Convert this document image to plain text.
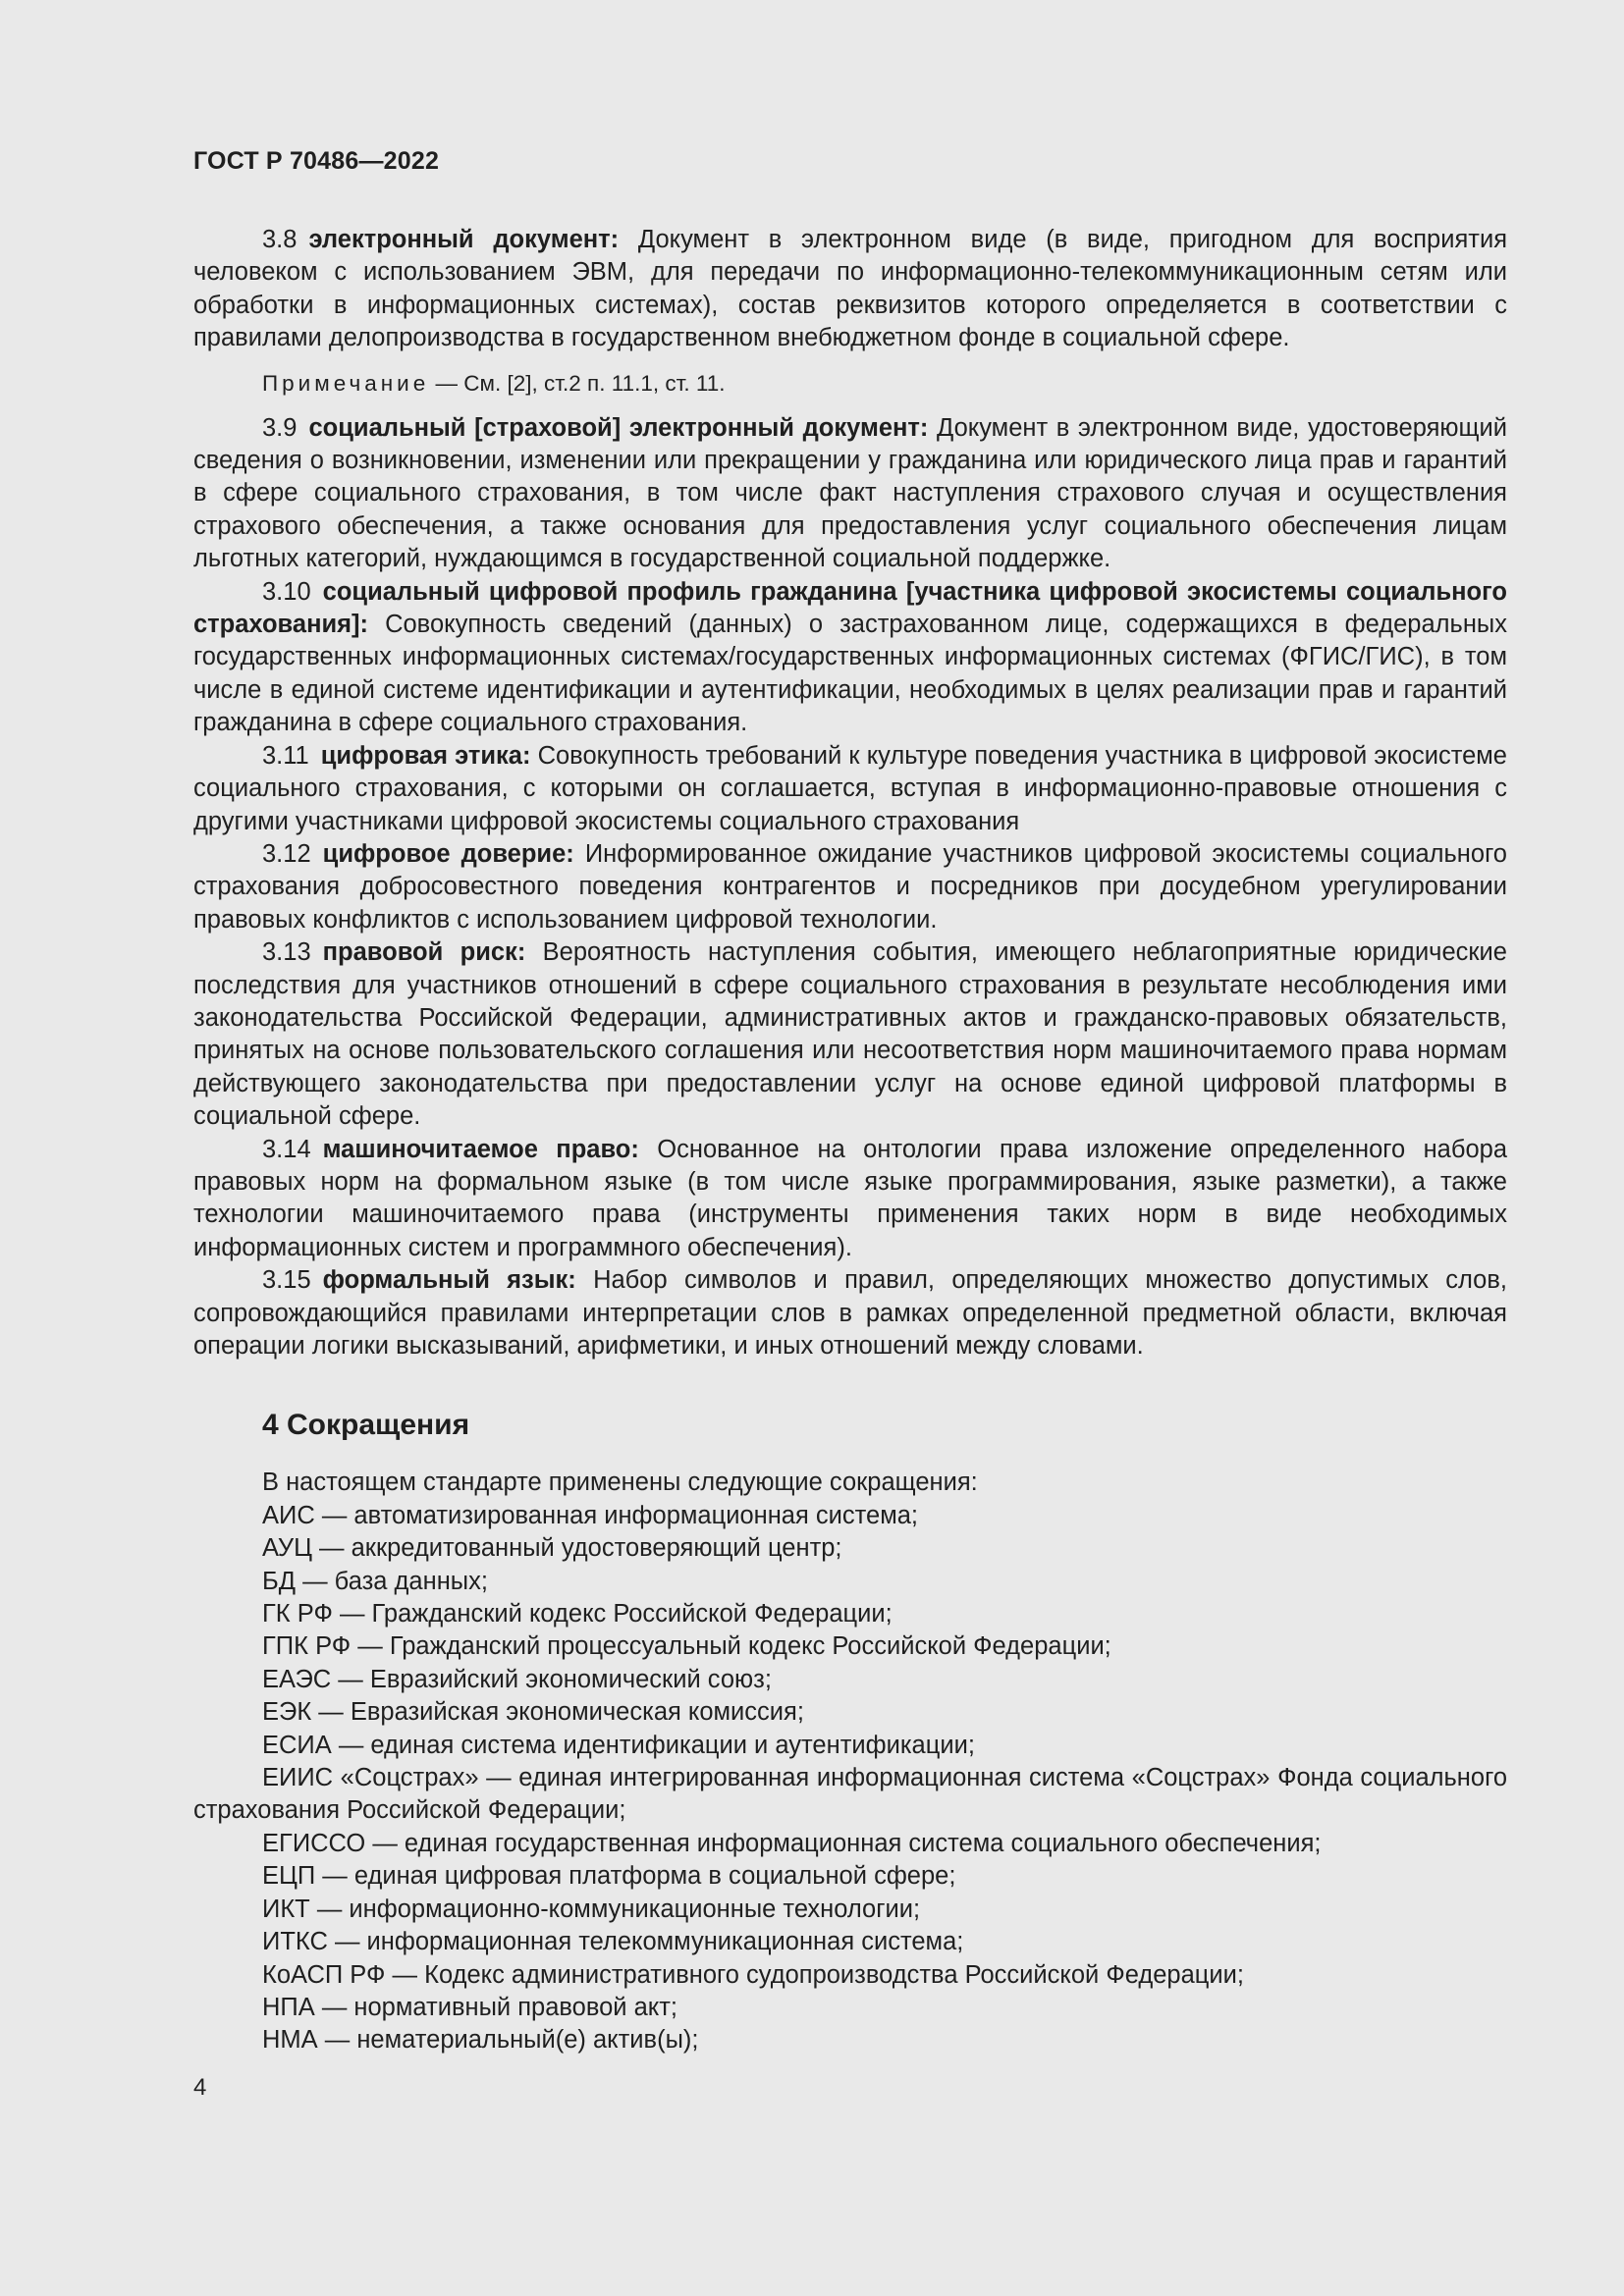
ГОСТ Р 70486—2022

3.8 электронный документ: Документ в электронном виде (в виде, пригодном для восприятия человеком с использованием ЭВМ, для передачи по информационно-телекоммуникационным сетям или обработки в информационных системах), состав реквизитов которого определяется в соответствии с правилами делопроизводства в государственном внебюджетном фонде в социальной сфере.

Примечание — См. [2], ст.2 п. 11.1, ст. 11.

3.9 социальный [страховой] электронный документ: Документ в электронном виде, удостоверяющий сведения о возникновении, изменении или прекращении у гражданина или юридического лица прав и гарантий в сфере социального страхования, в том числе факт наступления страхового случая и осуществления страхового обеспечения, а также основания для предоставления услуг социального обеспечения лицам льготных категорий, нуждающимся в государственной социальной поддержке.

3.10 социальный цифровой профиль гражданина [участника цифровой экосистемы социального страхования]: Совокупность сведений (данных) о застрахованном лице, содержащихся в федеральных государственных информационных системах/государственных информационных системах (ФГИС/ГИС), в том числе в единой системе идентификации и аутентификации, необходимых в целях реализации прав и гарантий гражданина в сфере социального страхования.

3.11 цифровая этика: Совокупность требований к культуре поведения участника в цифровой экосистеме социального страхования, с которыми он соглашается, вступая в информационно-правовые отношения с другими участниками цифровой экосистемы социального страхования

3.12 цифровое доверие: Информированное ожидание участников цифровой экосистемы социального страхования добросовестного поведения контрагентов и посредников при досудебном урегулировании правовых конфликтов с использованием цифровой технологии.

3.13 правовой риск: Вероятность наступления события, имеющего неблагоприятные юридические последствия для участников отношений в сфере социального страхования в результате несоблюдения ими законодательства Российской Федерации, административных актов и гражданско-правовых обязательств, принятых на основе пользовательского соглашения или несоответствия норм машиночитаемого права нормам действующего законодательства при предоставлении услуг на основе единой цифровой платформы в социальной сфере.

3.14 машиночитаемое право: Основанное на онтологии права изложение определенного набора правовых норм на формальном языке (в том числе языке программирования, языке разметки), а также технологии машиночитаемого права (инструменты применения таких норм в виде необходимых информационных систем и программного обеспечения).

3.15 формальный язык: Набор символов и правил, определяющих множество допустимых слов, сопровождающийся правилами интерпретации слов в рамках определенной предметной области, включая операции логики высказываний, арифметики, и иных отношений между словами.

4 Сокращения

В настоящем стандарте применены следующие сокращения:

АИС — автоматизированная информационная система;

АУЦ — аккредитованный удостоверяющий центр;

БД — база данных;

ГК РФ — Гражданский кодекс Российской Федерации;

ГПК РФ — Гражданский процессуальный кодекс Российской Федерации;

ЕАЭС — Евразийский экономический союз;

ЕЭК — Евразийская экономическая комиссия;

ЕСИА — единая система идентификации и аутентификации;

ЕИИС «Соцстрах» — единая интегрированная информационная система «Соцстрах» Фонда социального страхования Российской Федерации;

ЕГИССО — единая государственная информационная система социального обеспечения;

ЕЦП — единая цифровая платформа в социальной сфере;

ИКТ — информационно-коммуникационные технологии;

ИТКС — информационная телекоммуникационная система;

КоАСП РФ — Кодекс административного судопроизводства Российской Федерации;

НПА — нормативный правовой акт;

НМА — нематериальный(е) актив(ы);

4
